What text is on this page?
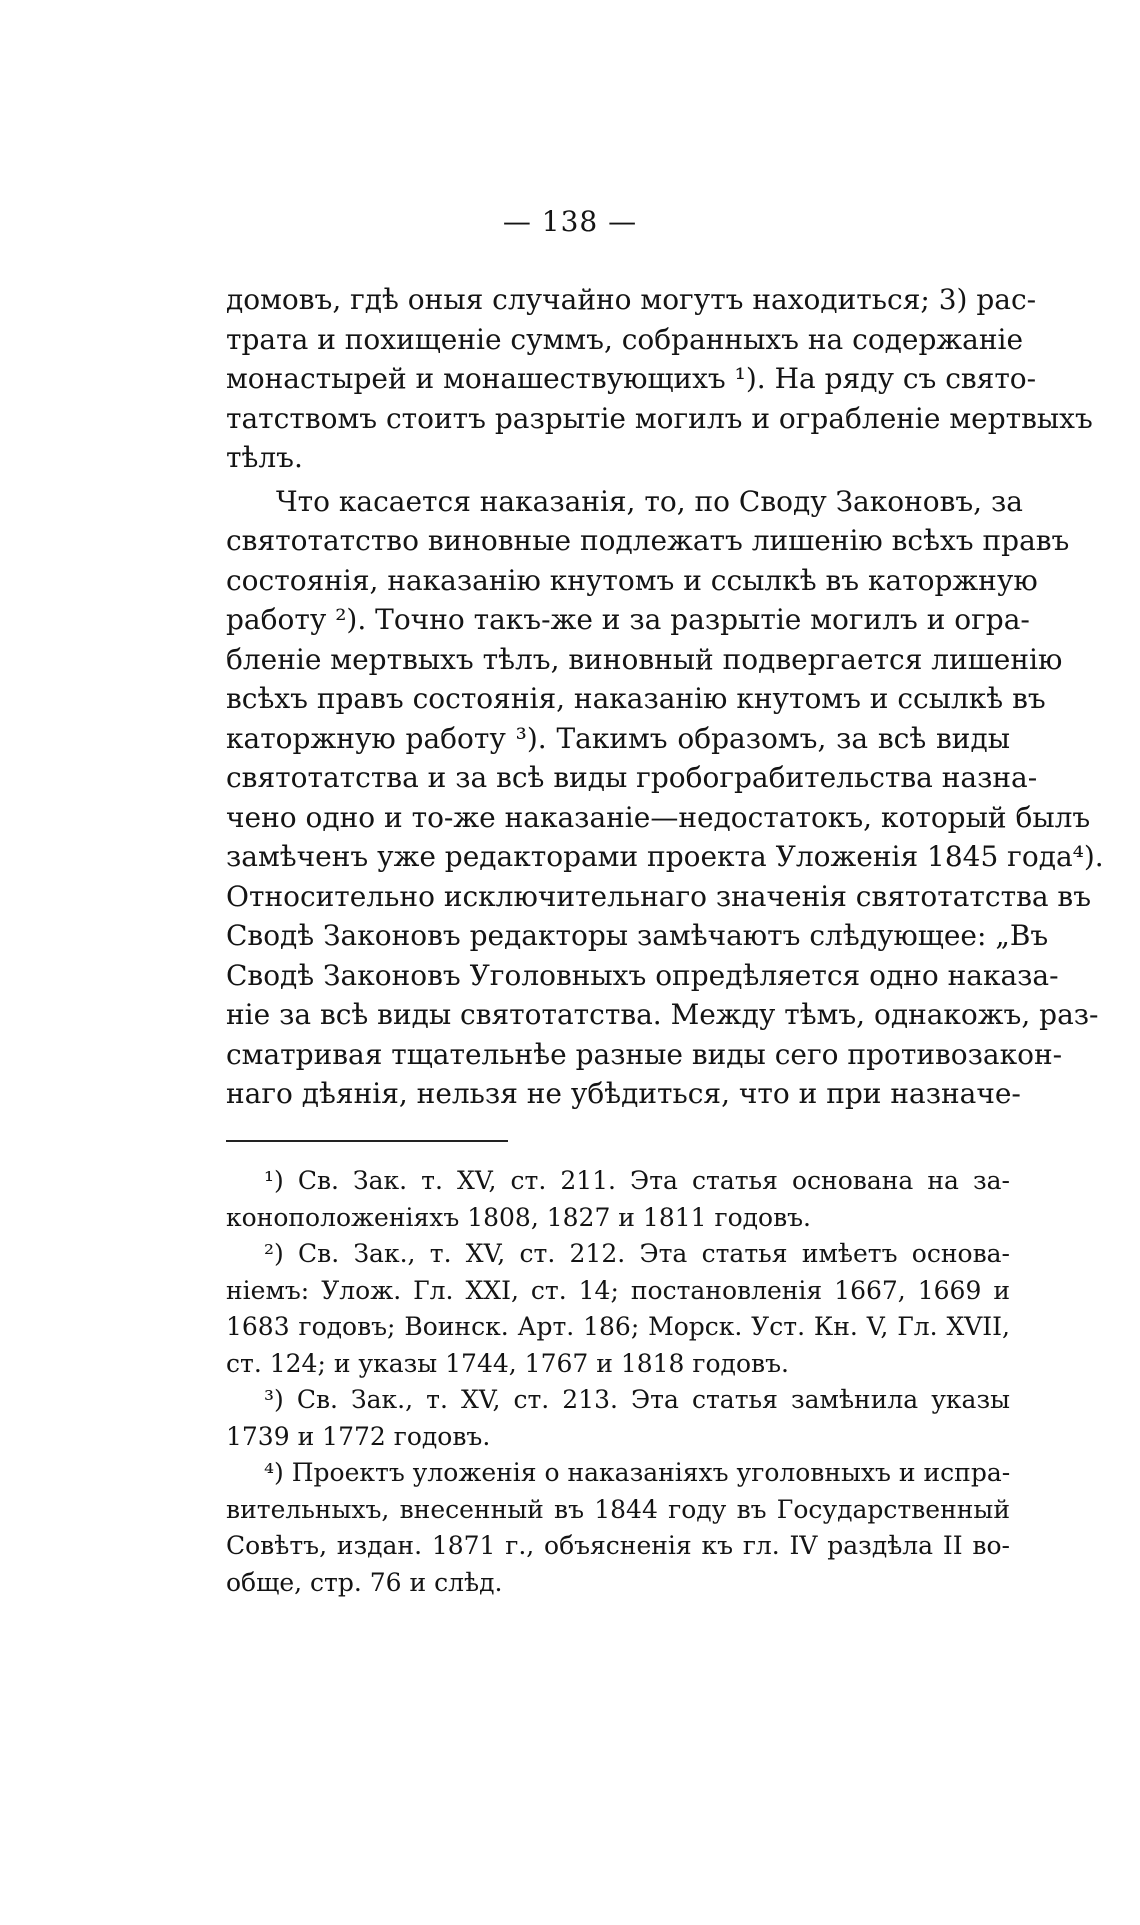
— 138 —
домовъ, гдѣ оныя случайно могутъ находиться; 3) рас-
трата и похищеніе суммъ, собранныхъ на содержаніе
монастырей и монашествующихъ ¹). На ряду съ свято-
татствомъ стоитъ разрытіе могилъ и ограбленіе мертвыхъ
тѣлъ.
Что касается наказанія, то, по Своду Законовъ, за
святотатство виновные подлежатъ лишенію всѣхъ правъ
состоянія, наказанію кнутомъ и ссылкѣ въ каторжную
работу ²). Точно такъ-же и за разрытіе могилъ и огра-
бленіе мертвыхъ тѣлъ, виновный подвергается лишенію
всѣхъ правъ состоянія, наказанію кнутомъ и ссылкѣ въ
каторжную работу ³). Такимъ образомъ, за всѣ виды
святотатства и за всѣ виды гробограбительства назна-
чено одно и то-же наказаніе—недостатокъ, который былъ
замѣченъ уже редакторами проекта Уложенія 1845 года⁴).
Относительно исключительнаго значенія святотатства въ
Сводѣ Законовъ редакторы замѣчаютъ слѣдующее: „Въ
Сводѣ Законовъ Уголовныхъ опредѣляется одно наказа-
ніе за всѣ виды святотатства. Между тѣмъ, однакожъ, раз-
сматривая тщательнѣе разные виды сего противозакон-
наго дѣянія, нельзя не убѣдиться, что и при назначе-
¹) Св. Зак. т. XV, ст. 211. Эта статья основана на за-
коноположеніяхъ 1808, 1827 и 1811 годовъ.
²) Св. Зак., т. XV, ст. 212. Эта статья имѣетъ основа-
ніемъ: Улож. Гл. XXI, ст. 14; постановленія 1667, 1669 и
1683 годовъ; Воинск. Арт. 186; Морск. Уст. Кн. V, Гл. XVII,
ст. 124; и указы 1744, 1767 и 1818 годовъ.
³) Св. Зак., т. XV, ст. 213. Эта статья замѣнила указы
1739 и 1772 годовъ.
⁴) Проектъ уложенія о наказаніяхъ уголовныхъ и испра-
вительныхъ, внесенный въ 1844 году въ Государственный
Совѣтъ, издан. 1871 г., объясненія къ гл. IV раздѣла II во-
обще, стр. 76 и слѣд.
